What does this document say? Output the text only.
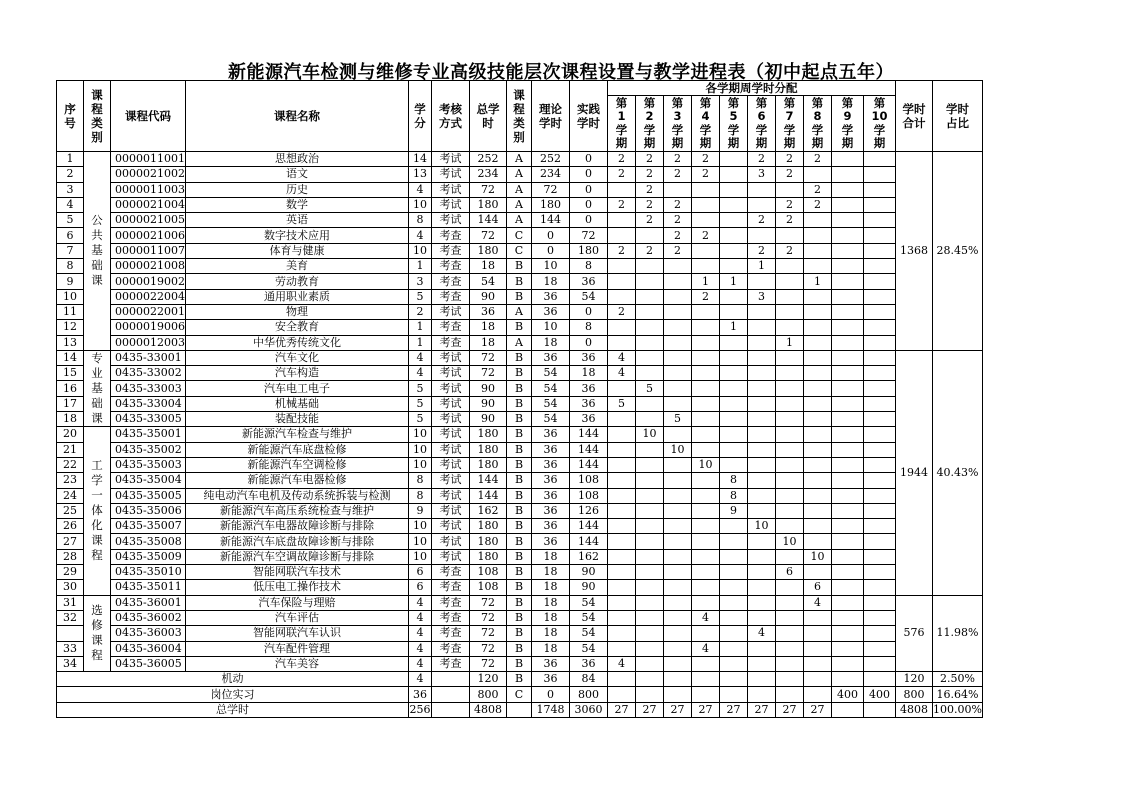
新能源汽车检测与维修专业高级技能层次课程设置与教学进程表（初中起点五年）
序号	课程类别	课程代码	课程名称	学分	考核方式	总学时	课程类别	理论学时	实践学时	各学期周学时分配										学时合计	学时占比
										第1学期	第2学期	第3学期	第4学期	第5学期	第6学期	第7学期	第8学期	第9学期	第10学期		
1	公共基础课	0000011001	思想政治	14	考试	252	A	252	0	2	2	2	2		2	2	2			1368	28.45%
2		0000021002	语文	13	考试	234	A	234	0	2	2	2	2		3	2					
3		0000011003	历史	4	考试	72	A	72	0		2						2				
4		0000021004	数学	10	考试	180	A	180	0	2	2	2				2	2				
5		0000021005	英语	8	考试	144	A	144	0		2	2			2	2					
6		0000021006	数字技术应用	4	考查	72	C	0	72			2	2								
7		0000011007	体育与健康	10	考查	180	C	0	180	2	2	2			2	2					
8		0000021008	美育	1	考查	18	B	10	8						1						
9		0000019002	劳动教育	3	考查	54	B	18	36				1	1			1				
10		0000022004	通用职业素质	5	考查	90	B	36	54				2		3						
11		0000022001	物理	2	考试	36	A	36	0	2											
12		0000019006	安全教育	1	考查	18	B	10	8					1							
13		0000012003	中华优秀传统文化	1	考查	18	A	18	0							1					
14	专业基础课	0435-33001	汽车文化	4	考试	72	B	36	36	4										1944	40.43%
15		0435-33002	汽车构造	4	考试	72	B	54	18	4											
16		0435-33003	汽车电工电子	5	考试	90	B	54	36		5										
17		0435-33004	机械基础	5	考试	90	B	54	36	5											
18		0435-33005	装配技能	5	考试	90	B	54	36			5									
20	工学一体化课程	0435-35001	新能源汽车检查与维护	10	考试	180	B	36	144		10										
21		0435-35002	新能源汽车底盘检修	10	考试	180	B	36	144			10									
22		0435-35003	新能源汽车空调检修	10	考试	180	B	36	144				10								
23		0435-35004	新能源汽车电器检修	8	考试	144	B	36	108					8							
24		0435-35005	纯电动汽车电机及传动系统拆装与检测	8	考试	144	B	36	108					8							
25		0435-35006	新能源汽车高压系统检查与维护	9	考试	162	B	36	126					9							
26		0435-35007	新能源汽车电器故障诊断与排除	10	考试	180	B	36	144						10						
27		0435-35008	新能源汽车底盘故障诊断与排除	10	考试	180	B	36	144							10					
28		0435-35009	新能源汽车空调故障诊断与排除	10	考试	180	B	18	162								10				
29		0435-35010	智能网联汽车技术	6	考查	108	B	18	90							6					
30		0435-35011	低压电工操作技术	6	考查	108	B	18	90								6				
31	选修课程	0435-36001	汽车保险与理赔	4	考查	72	B	18	54								4			576	11.98%
32		0435-36002	汽车评估	4	考查	72	B	18	54				4								
		0435-36003	智能网联汽车认识	4	考查	72	B	18	54						4						
33		0435-36004	汽车配件管理	4	考查	72	B	18	54				4								
34		0435-36005	汽车美容	4	考查	72	B	36	36	4											
机动				4		120	B	36	84											120	2.50%
岗位实习				36		800	C	0	800									400	400	800	16.64%
总学时				256		4808		1748	3060	27	27	27	27	27	27	27	27			4808	100.00%
